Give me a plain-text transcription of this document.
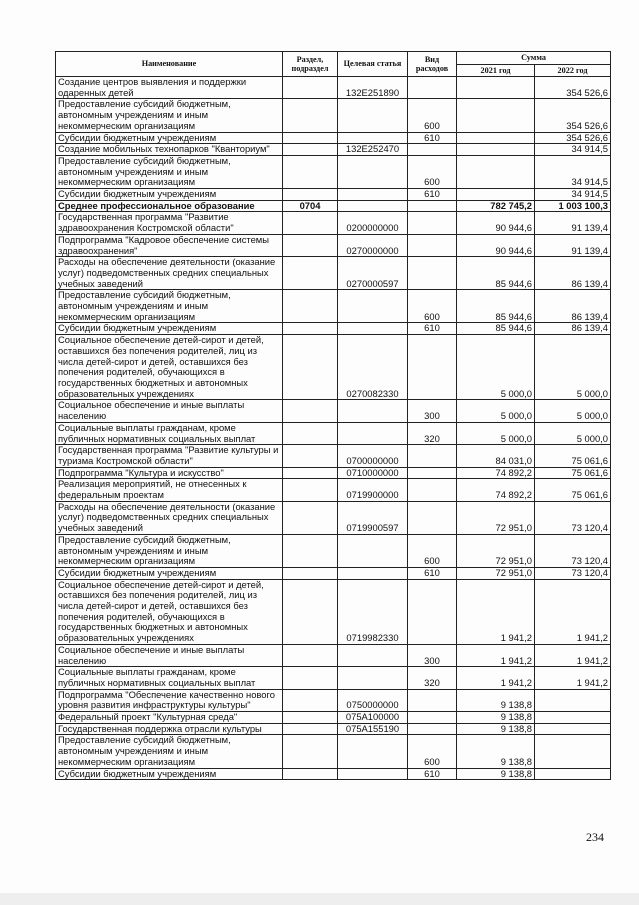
Наименование	Раздел, подраздел	Целевая статья	Вид расходов	Сумма	
				2021 год	2022 год
Создание центров выявления и поддержки одаренных детей		132E251890			354 526,6
Предоставление субсидий бюджетным, автономным учреждениям и иным некоммерческим организациям			600		354 526,6
Субсидии бюджетным учреждениям			610		354 526,6
Создание мобильных технопарков "Кванториум"		132E252470			34 914,5
Предоставление субсидий бюджетным, автономным учреждениям и иным некоммерческим организациям			600		34 914,5
Субсидии бюджетным учреждениям			610		34 914,5
Среднее профессиональное образование	0704			782 745,2	1 003 100,3
Государственная программа "Развитие здравоохранения Костромской области"		0200000000		90 944,6	91 139,4
Подпрограмма "Кадровое обеспечение системы здравоохранения"		0270000000		90 944,6	91 139,4
Расходы на обеспечение деятельности (оказание услуг) подведомственных средних специальных учебных заведений		0270000597		85 944,6	86 139,4
Предоставление субсидий бюджетным, автономным учреждениям и иным некоммерческим организациям			600	85 944,6	86 139,4
Субсидии бюджетным учреждениям			610	85 944,6	86 139,4
Социальное обеспечение детей-сирот и детей, оставшихся без попечения родителей, лиц из числа детей-сирот и детей, оставшихся без попечения родителей, обучающихся в государственных бюджетных и автономных образовательных учреждениях		0270082330		5 000,0	5 000,0
Социальное обеспечение и иные выплаты населению			300	5 000,0	5 000,0
Социальные выплаты гражданам, кроме публичных нормативных социальных выплат			320	5 000,0	5 000,0
Государственная программа "Развитие культуры и туризма Костромской области"		0700000000		84 031,0	75 061,6
Подпрограмма "Культура и искусство"		0710000000		74 892,2	75 061,6
Реализация мероприятий, не отнесенных к федеральным проектам		0719900000		74 892,2	75 061,6
Расходы на обеспечение деятельности (оказание услуг) подведомственных средних специальных учебных заведений		0719900597		72 951,0	73 120,4
Предоставление субсидий бюджетным, автономным учреждениям и иным некоммерческим организациям			600	72 951,0	73 120,4
Субсидии бюджетным учреждениям			610	72 951,0	73 120,4
Социальное обеспечение детей-сирот и детей, оставшихся без попечения родителей, лиц из числа детей-сирот и детей, оставшихся без попечения родителей, обучающихся в государственных бюджетных и автономных образовательных учреждениях		0719982330		1 941,2	1 941,2
Социальное обеспечение и иные выплаты населению			300	1 941,2	1 941,2
Социальные выплаты гражданам, кроме публичных нормативных социальных выплат			320	1 941,2	1 941,2
Подпрограмма "Обеспечение качественно нового уровня развития инфраструктуры культуры"		0750000000		9 138,8	
Федеральный проект "Культурная среда"		075A100000		9 138,8	
Государственная поддержка отрасли культуры		075A155190		9 138,8	
Предоставление субсидий бюджетным, автономным учреждениям и иным некоммерческим организациям			600	9 138,8	
Субсидии бюджетным учреждениям			610	9 138,8	
234
